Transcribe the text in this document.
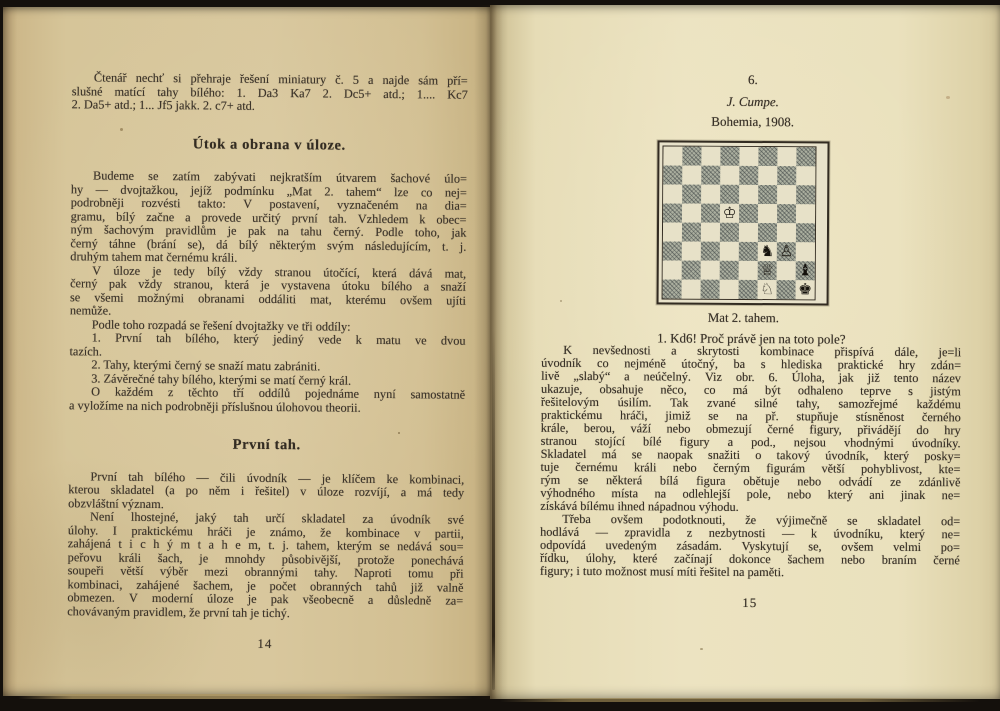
Čtenář nechť si přehraje řešení miniatury č. 5 a najde sám pří=
slušné matící tahy bílého: 1. Da3 Ka7 2. Dc5+ atd.; 1.... Kc7
2. Da5+ atd.; 1... Jf5 jakk. 2. c7+ atd.
Útok a obrana v úloze.
Budeme se zatím zabývati nejkratším útvarem šachové úlo=
hy — dvojtažkou, jejíž podmínku „Mat 2. tahem“ lze co nej=
podrobněji rozvésti takto: V postavení, vyznačeném na dia=
gramu, bílý začne a provede určitý první tah. Vzhledem k obec=
ným šachovým pravidlům je pak na tahu černý. Podle toho, jak
černý táhne (brání se), dá bílý některým svým následujícím, t. j.
druhým tahem mat černému králi.
V úloze je tedy bílý vždy stranou útočící, která dává mat,
černý pak vždy stranou, která je vystavena útoku bílého a snaží
se všemi možnými obranami oddáliti mat, kterému ovšem ujíti
nemůže.
Podle toho rozpadá se řešení dvojtažky ve tři oddíly:
1. První tah bílého, který jediný vede k matu ve dvou
tazích.
2. Tahy, kterými černý se snaží matu zabrániti.
3. Závěrečné tahy bílého, kterými se matí černý král.
O každém z těchto tří oddílů pojednáme nyní samostatně
a vyložíme na nich podrobněji příslušnou úlohovou theorii.
První tah.
První tah bílého — čili úvodník — je klíčem ke kombinaci,
kterou skladatel (a po něm i řešitel) v úloze rozvíjí, a má tedy
obzvláštní význam.
Není lhostejné, jaký tah určí skladatel za úvodník své
úlohy. I praktickému hráči je známo, že kombinace v partii,
zahájená t i c h ý m t a h e m, t. j. tahem, kterým se nedává sou=
peřovu králi šach, je mnohdy působivější, protože ponechává
soupeři větší výběr mezi obrannými tahy. Naproti tomu při
kombinaci, zahájené šachem, je počet obranných tahů již valně
obmezen. V moderní úloze je pak všeobecně a důsledně za=
chovávaným pravidlem, že první tah je tichý.
14
6.
J. Cumpe.
Bohemia, 1908.
♔
♞ ♙
♕ ♝
♘ ♚
Mat 2. tahem.
1. Kd6! Proč právě jen na toto pole?
K nevšednosti a skrytosti kombinace přispívá dále, je=li
úvodník co nejméně útočný, ba s hlediska praktické hry zdán=
livě „slabý“ a neúčelný. Viz obr. 6. Úloha, jak již tento název
ukazuje, obsahuje něco, co má být odhaleno teprve s jistým
řešitelovým úsilím. Tak zvané silné tahy, samozřejmé každému
praktickému hráči, jimiž se na př. stupňuje stísněnost černého
krále, berou, váží nebo obmezují černé figury, přivádějí do hry
stranou stojící bílé figury a pod., nejsou vhodnými úvodníky.
Skladatel má se naopak snažiti o takový úvodník, který posky=
tuje černému králi nebo černým figurám větší pohyblivost, kte=
rým se některá bílá figura obětuje nebo odvádí ze zdánlivě
výhodného místa na odlehlejší pole, nebo který ani jinak ne=
získává bílému ihned nápadnou výhodu.
Třeba ovšem podotknouti, že výjimečně se skladatel od=
hodlává — zpravidla z nezbytnosti — k úvodníku, který ne=
odpovídá uvedeným zásadám. Vyskytují se, ovšem velmi po=
řídku, úlohy, které začínají dokonce šachem nebo braním černé
figury; i tuto možnost musí míti řešitel na paměti.
15
